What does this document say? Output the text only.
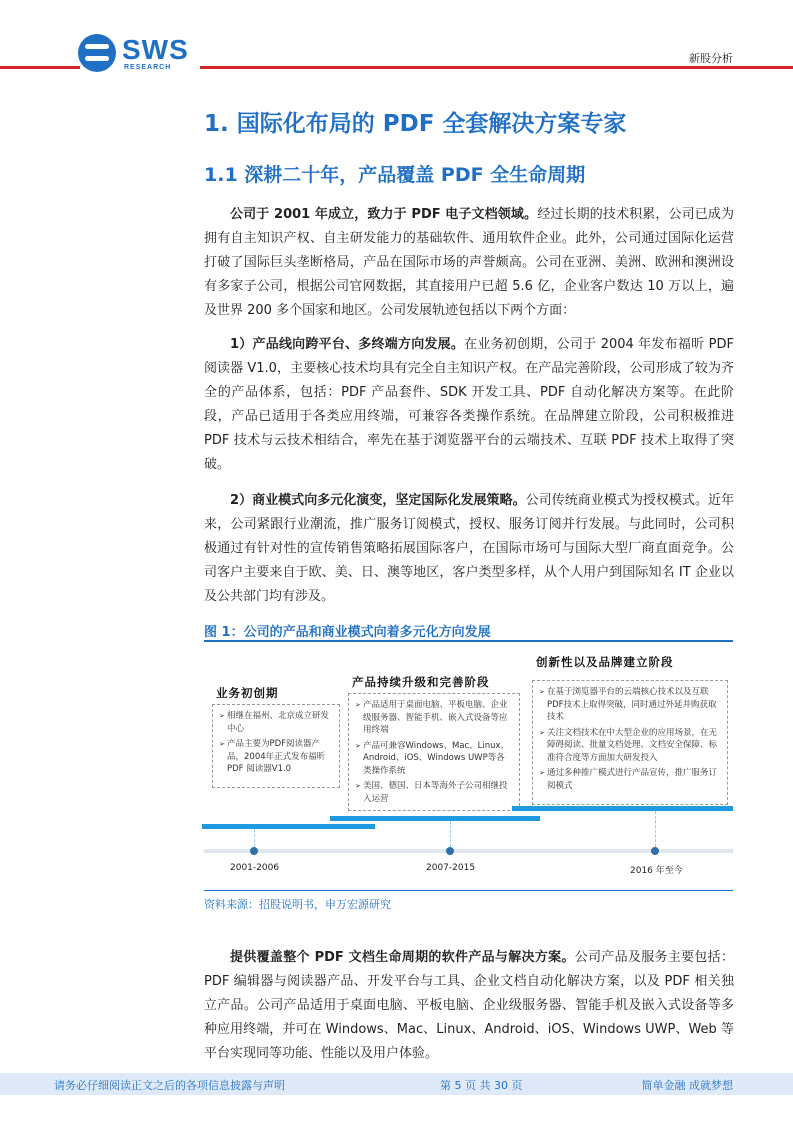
SWS
RESEARCH
新股分析
1. 国际化布局的 PDF 全套解决方案专家
1.1 深耕二十年，产品覆盖 PDF 全生命周期
公司于 2001 年成立，致力于 PDF 电子文档领域。经过长期的技术积累，公司已成为拥有自主知识产权、自主研发能力的基础软件、通用软件企业。此外，公司通过国际化运营打破了国际巨头垄断格局，产品在国际市场的声誉颇高。公司在亚洲、美洲、欧洲和澳洲设有多家子公司，根据公司官网数据，其直接用户已超 5.6 亿，企业客户数达 10 万以上，遍及世界 200 多个国家和地区。公司发展轨迹包括以下两个方面：
1）产品线向跨平台、多终端方向发展。在业务初创期，公司于 2004 年发布福昕 PDF 阅读器 V1.0，主要核心技术均具有完全自主知识产权。在产品完善阶段，公司形成了较为齐全的产品体系，包括：PDF 产品套件、SDK 开发工具、PDF 自动化解决方案等。在此阶段，产品已适用于各类应用终端，可兼容各类操作系统。在品牌建立阶段，公司积极推进 PDF 技术与云技术相结合，率先在基于浏览器平台的云端技术、互联 PDF 技术上取得了突破。
2）商业模式向多元化演变，坚定国际化发展策略。公司传统商业模式为授权模式。近年来，公司紧跟行业潮流，推广服务订阅模式，授权、服务订阅并行发展。与此同时，公司积极通过有针对性的宣传销售策略拓展国际客户，在国际市场可与国际大型厂商直面竞争。公司客户主要来自于欧、美、日、澳等地区，客户类型多样，从个人用户到国际知名 IT 企业以及公共部门均有涉及。
图 1：公司的产品和商业模式向着多元化方向发展
业务初创期
➢ 相继在福州、北京成立研发中心
➢ 产品主要为PDF阅读器产品，2004年正式发布福昕PDF 阅读器V1.0
产品持续升级和完善阶段
➢ 产品适用于桌面电脑、平板电脑、企业级服务器、智能手机、嵌入式设备等应用终端
➢ 产品可兼容Windows、Mac、Linux、Android、iOS、Windows UWP等各类操作系统
➢ 美国、德国、日本等海外子公司相继投入运营
创新性以及品牌建立阶段
➢ 在基于浏览器平台的云端核心技术以及互联PDF技术上取得突破，同时通过外延并购获取技术
➢ 关注文档技术在中大型企业的应用场景，在无障碍阅读、批量文档处理、文档安全保障、标准符合度等方面加大研发投入
➢ 通过多种推广模式进行产品宣传，推广服务订阅模式
2001-2006	2007-2015	2016 年至今
资料来源：招股说明书，申万宏源研究
提供覆盖整个 PDF 文档生命周期的软件产品与解决方案。公司产品及服务主要包括：PDF 编辑器与阅读器产品、开发平台与工具、企业文档自动化解决方案，以及 PDF 相关独立产品。公司产品适用于桌面电脑、平板电脑、企业级服务器、智能手机及嵌入式设备等多种应用终端，并可在 Windows、Mac、Linux、Android、iOS、Windows UWP、Web 等平台实现同等功能、性能以及用户体验。
请务必仔细阅读正文之后的各项信息披露与声明	第 5 页 共 30 页	简单金融 成就梦想
